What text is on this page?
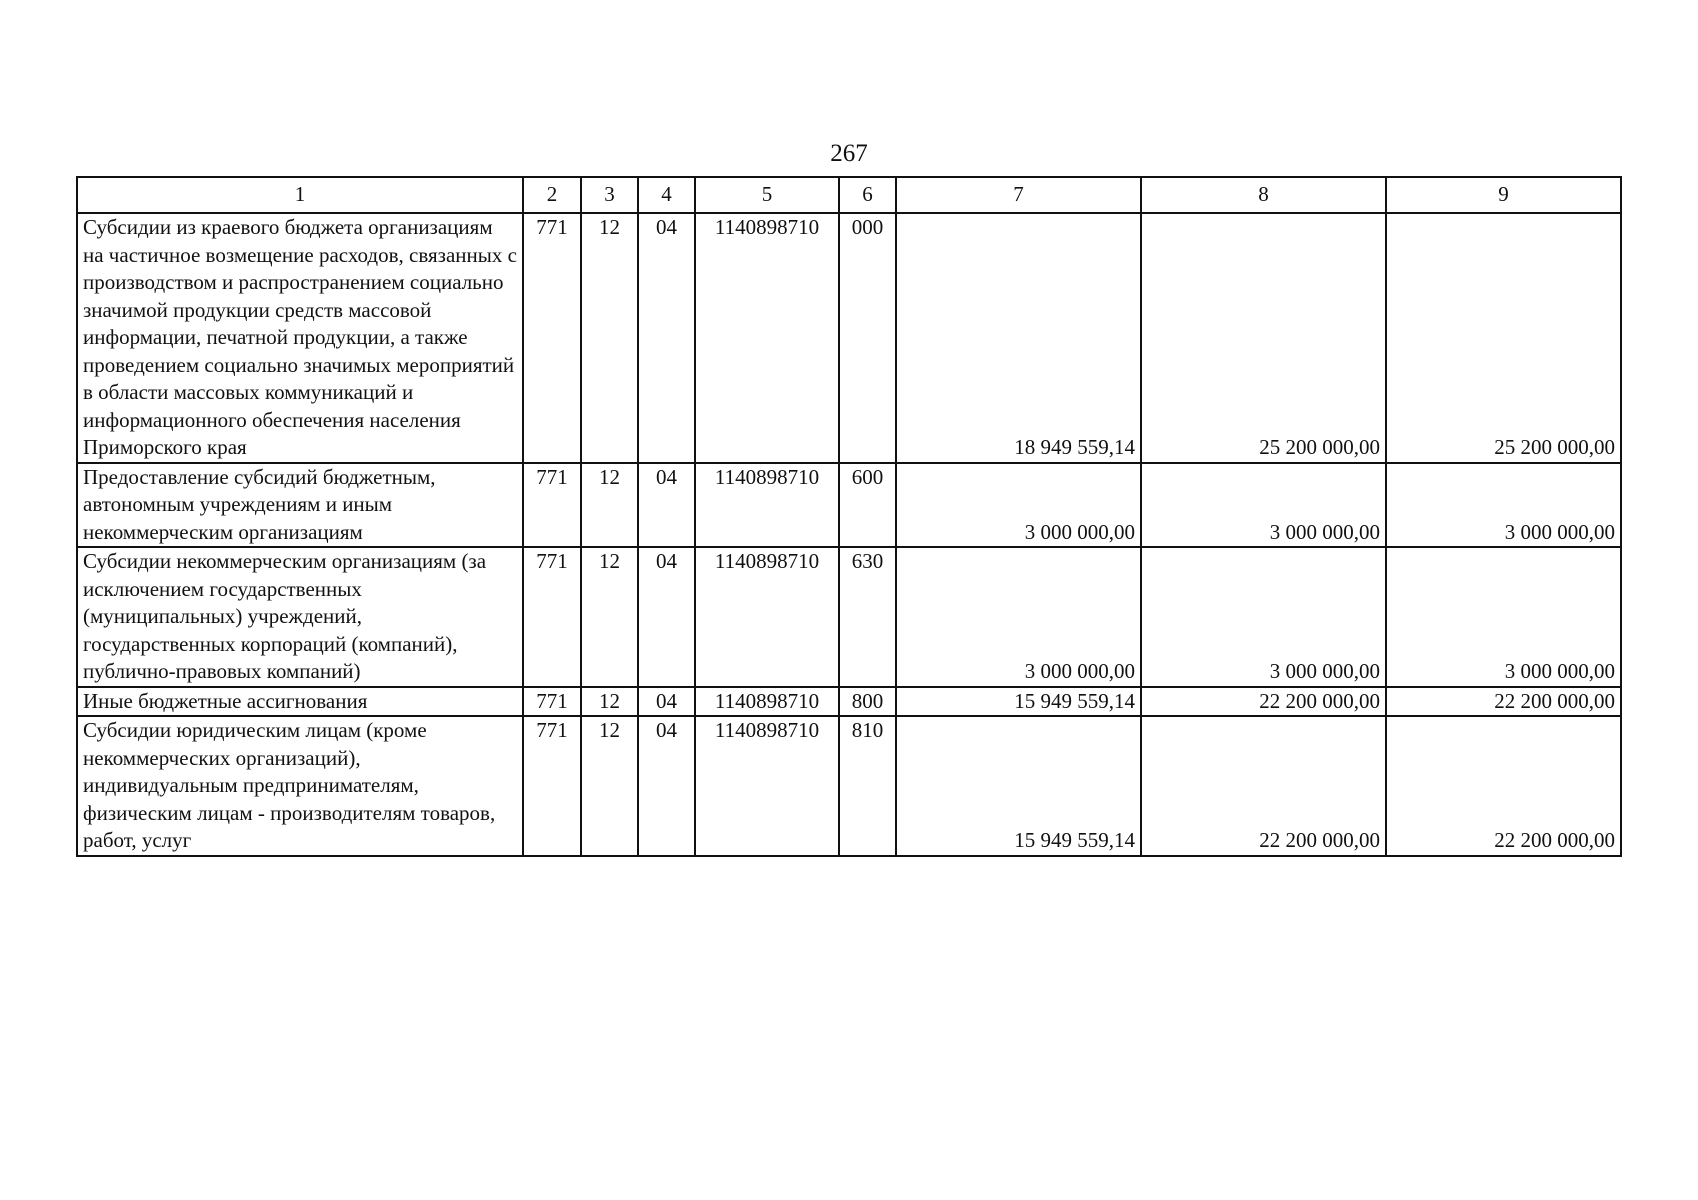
267
1	2	3	4	5	6	7	8	9
Субсидии из краевого бюджета организациям на частичное возмещение расходов, связанных с производством и распространением социально значимой продукции средств массовой информации, печатной продукции, а также проведением социально значимых мероприятий в области массовых коммуникаций и информационного обеспечения населения Приморского края	771	12	04	1140898710	000	18 949 559,14	25 200 000,00	25 200 000,00
Предоставление субсидий бюджетным, автономным учреждениям и иным некоммерческим организациям	771	12	04	1140898710	600	3 000 000,00	3 000 000,00	3 000 000,00
Субсидии некоммерческим организациям (за исключением государственных (муниципальных) учреждений, государственных корпораций (компаний), публично-правовых компаний)	771	12	04	1140898710	630	3 000 000,00	3 000 000,00	3 000 000,00
Иные бюджетные ассигнования	771	12	04	1140898710	800	15 949 559,14	22 200 000,00	22 200 000,00
Субсидии юридическим лицам (кроме некоммерческих организаций), индивидуальным предпринимателям, физическим лицам - производителям товаров, работ, услуг	771	12	04	1140898710	810	15 949 559,14	22 200 000,00	22 200 000,00
